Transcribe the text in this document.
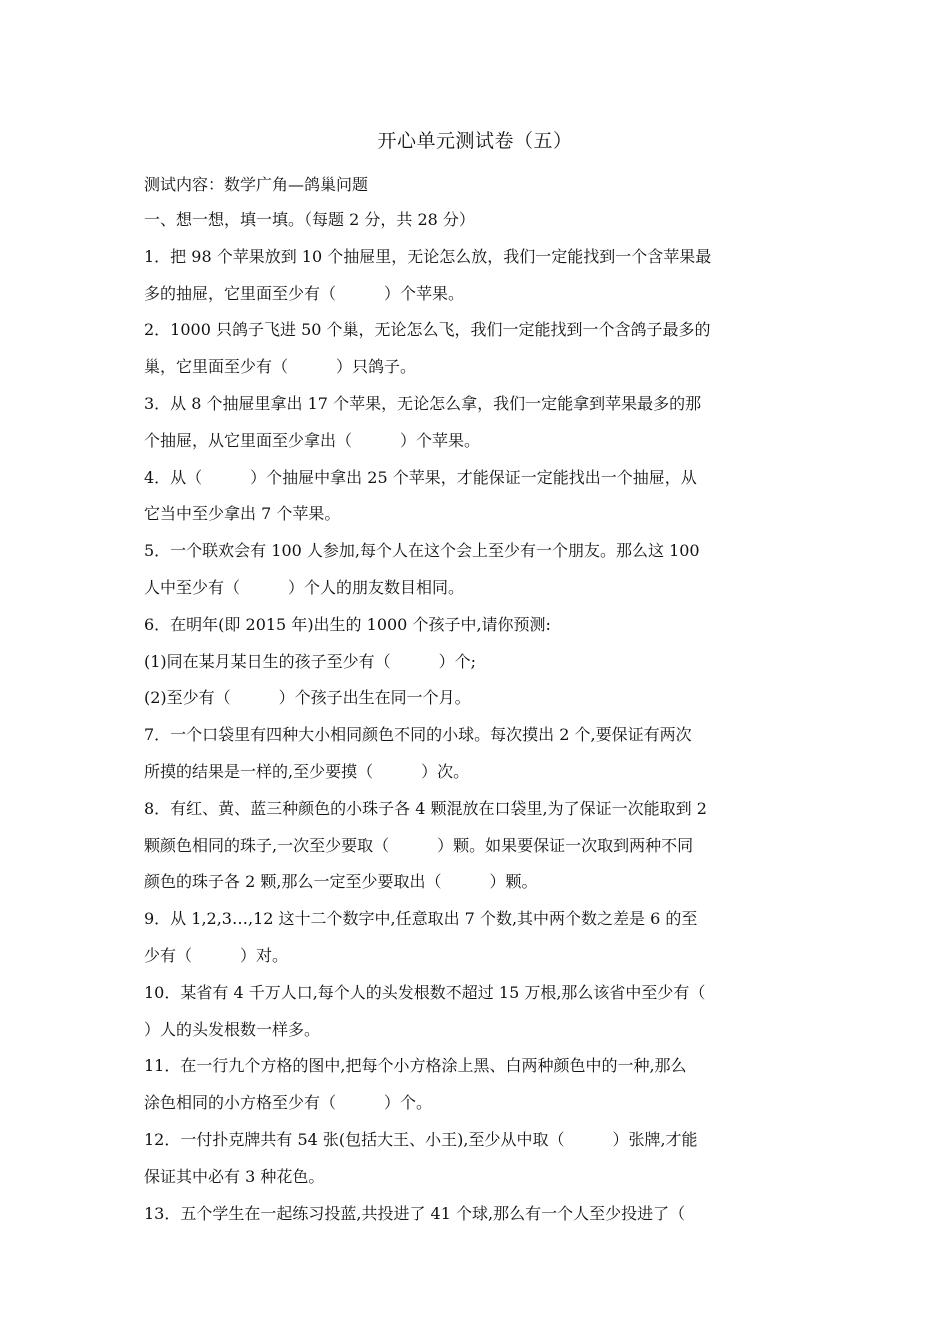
开心单元测试卷（五）
测试内容：数学广角—鸽巢问题
一、想一想，填一填。（每题 2 分，共 28 分）
1．把 98 个苹果放到 10 个抽屉里，无论怎么放，我们一定能找到一个含苹果最
多的抽屉，它里面至少有（　　　）个苹果。
2．1000 只鸽子飞进 50 个巢，无论怎么飞，我们一定能找到一个含鸽子最多的
巢，它里面至少有（　　　）只鸽子。
3．从 8 个抽屉里拿出 17 个苹果，无论怎么拿，我们一定能拿到苹果最多的那
个抽屉，从它里面至少拿出（　　　）个苹果。
4．从（　　　）个抽屉中拿出 25 个苹果，才能保证一定能找出一个抽屉，从
它当中至少拿出 7 个苹果。
5．一个联欢会有 100 人参加,每个人在这个会上至少有一个朋友。那么这 100
人中至少有（　　　）个人的朋友数目相同。
6．在明年(即 2015 年)出生的 1000 个孩子中,请你预测:
(1)同在某月某日生的孩子至少有（　　　）个;
(2)至少有（　　　）个孩子出生在同一个月。
7．一个口袋里有四种大小相同颜色不同的小球。每次摸出 2 个,要保证有两次
所摸的结果是一样的,至少要摸（　　　）次。
8．有红、黄、蓝三种颜色的小珠子各 4 颗混放在口袋里,为了保证一次能取到 2
颗颜色相同的珠子,一次至少要取（　　　）颗。如果要保证一次取到两种不同
颜色的珠子各 2 颗,那么一定至少要取出（　　　）颗。
9．从 1,2,3…,12 这十二个数字中,任意取出 7 个数,其中两个数之差是 6 的至
少有（　　　）对。
10．某省有 4 千万人口,每个人的头发根数不超过 15 万根,那么该省中至少有（
）人的头发根数一样多。
11．在一行九个方格的图中,把每个小方格涂上黑、白两种颜色中的一种,那么
涂色相同的小方格至少有（　　　）个。
12．一付扑克牌共有 54 张(包括大王、小王),至少从中取（　　　）张牌,才能
保证其中必有 3 种花色。
13．五个学生在一起练习投蓝,共投进了 41 个球,那么有一个人至少投进了（
